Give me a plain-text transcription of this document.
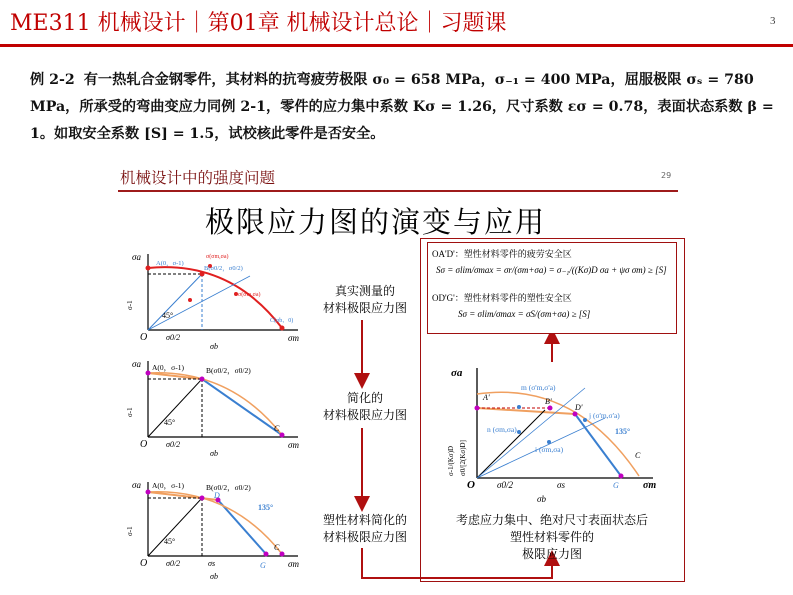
ME311 机械设计｜第01章 机械设计总论｜习题课	3
例 2-2 有一热轧合金钢零件，其材料的抗弯疲劳极限 σ₀ = 658 MPa，σ₋₁ = 400 MPa，屈服极限 σₛ = 780 MPa，所承受的弯曲变应力同例 2-1，零件的应力集中系数 Kσ = 1.26，尺寸系数 εσ = 0.78，表面状态系数 β = 1。如取安全系数 [S] = 1.5，试校核此零件是否安全。
机械设计中的强度问题	29
极限应力图的演变与应用
真实测量的
材料极限应力图
简化的
材料极限应力图
塑性材料简化的
材料极限应力图
OA'D'：塑性材料零件的疲劳安全区
Sσ = σlim/σmax = σr/(σm+σa) = σ₋₁/((Kσ)D σa + ψσ σm) ≥ [S]
OD'G'：塑性材料零件的塑性安全区
Sσ = σlim/σmax = σS/(σm+σa) ≥ [S]
考虑应力集中、绝对尺寸表面状态后
塑性材料零件的
极限应力图
σa
σm
O
σb
σ0/2
45°
A(0，σ-1)
B(σ0/2，σ0/2)
C(σb，0)
σ(σm,σa)
σ(σm,σa)
σ-1
σa
σm
O
σb
σ0/2
45°
A(0，σ-1)	B(σ0/2，σ0/2)
C
σ-1
σa
σm
O
σb
σs
σ0/2
45°
A(0，σ-1)	B(σ0/2，σ0/2)
D
135°
C
G
σ-1
σa
σm
O
σb
σs
σ0/2
A'	B'
D'
m (σ'm,σ'a)
n (σm,σa)
i (σm,σa)
j (σ'm,σ'a)
135°
C
G
σ-1/(Kσ)D σ0/[2(Kσ)D]
